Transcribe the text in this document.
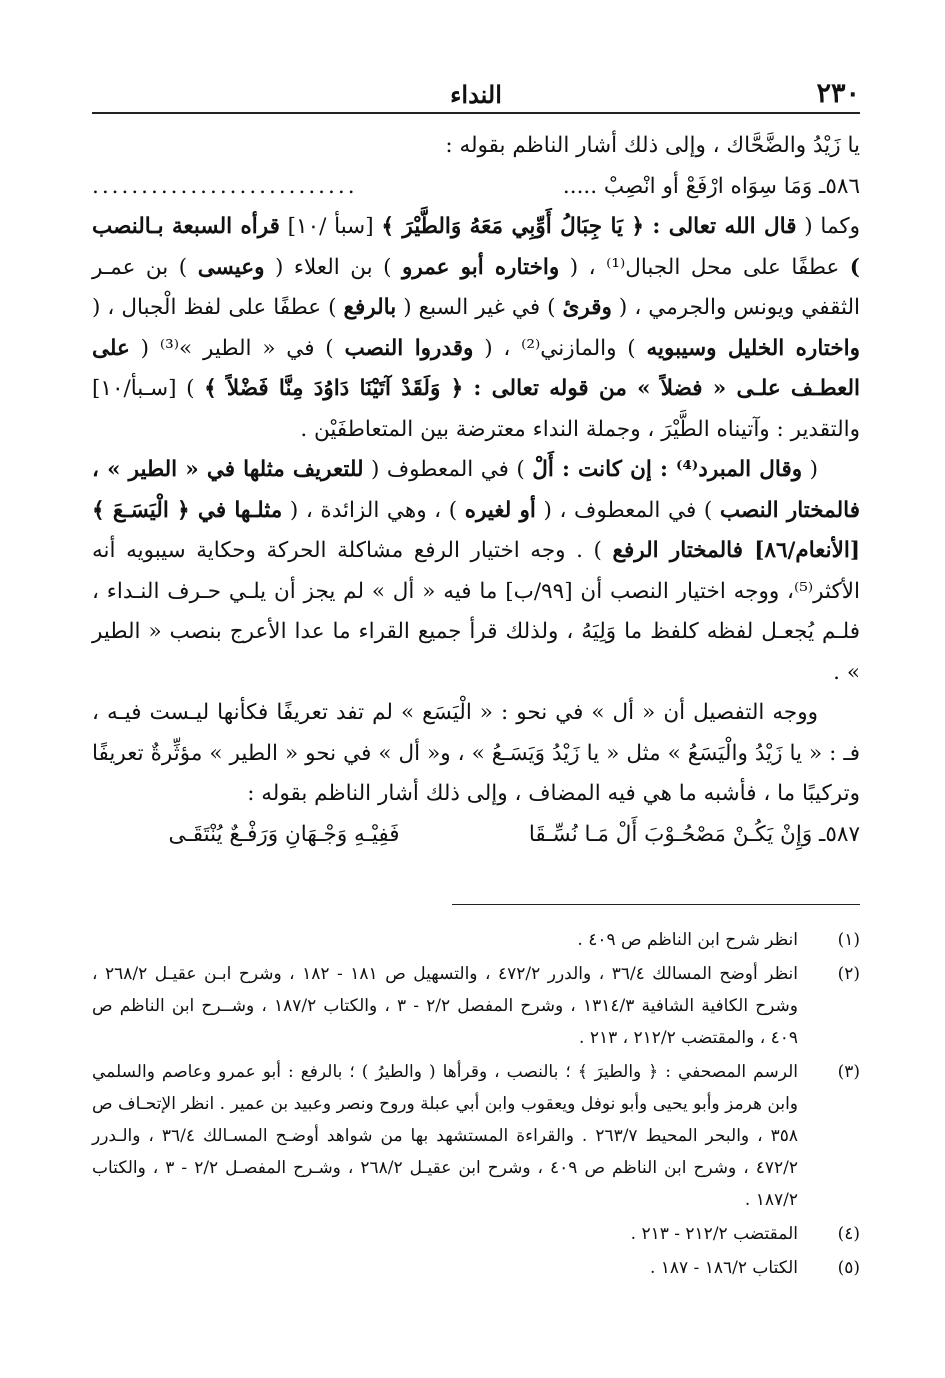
٢٣٠
النداء

يا زَيْدُ والضَّحَّاك ، وإلى ذلك أشار الناظم بقوله :

٥٨٦ـ وَمَا سِوَاه ارْفَعْ أو انْصِبْ .....
...........................

وكما ( قال الله تعالى : ﴿ يَا جِبَالُ أَوِّبِي مَعَهُ وَالطَّيْرَ ﴾ [سبأ /١٠] قرأه السبعة بـالنصب ) عطفًا على محل الجبال⁽¹⁾ ، ( واختاره أبو عمرو ) بن العلاء ( وعيسى ) بن عمـر الثقفي ويونس والجرمي ، ( وقرئ ) في غير السبع ( بالرفع ) عطفًا على لفظ الْجبال ، ( واختاره الخليل وسيبويه ) والمازني⁽²⁾ ، ( وقدروا النصب ) في « الطير »⁽³⁾ ( على العطـف علـى « فضلاً » من قوله تعالى : ﴿ وَلَقَدْ آتَيْنَا دَاوُدَ مِنَّا فَضْلاً ﴾ ) [سـبأ/١٠] والتقدير : وآتيناه الطَّيْرَ ، وجملة النداء معترضة بين المتعاطفَيْن .

( وقال المبرد⁽⁴⁾ : إن كانت : أَلْ ) في المعطوف ( للتعريف مثلها في « الطير » ، فالمختار النصب ) في المعطوف ، ( أو لغيره ) ، وهي الزائدة ، ( مثلـها في ﴿ الْيَسَـعَ ﴾ [الأنعام/٨٦] فالمختار الرفع ) . وجه اختيار الرفع مشاكلة الحركة وحكاية سيبويه أنه الأكثر⁽⁵⁾، ووجه اختيار النصب أن [٩٩/ب] ما فيه « أل » لم يجز أن يلـي حـرف النـداء ، فلـم يُجعـل لفظه كلفظ ما وَلِيَهُ ، ولذلك قرأ جميع القراء ما عدا الأعرج بنصب « الطير » .

ووجه التفصيل أن « أل » في نحو : « الْيَسَع » لم تفد تعريفًا فكأنها ليـست فيـه ، فـ : « يا زَيْدُ والْيَسَعُ » مثل « يا زَيْدُ وَيَسَـعُ » ، و« أل » في نحو « الطير » مؤثِّرةٌ تعريفًا وتركيبًا ما ، فأشبه ما هي فيه المضاف ، وإلى ذلك أشار الناظم بقوله :

٥٨٧ـ وَإِنْ يَكُـنْ مَصْحُـوْبَ أَلْ مَـا نُسِّـقَا
فَفِيْـهِ وَجْـهَانِ وَرَفْـعٌ يُنْتَقَـى
(١)
انظر شرح ابن الناظم ص ٤٠٩ .
(٢)
انظر أوضح المسالك ٣٦/٤ ، والدرر ٤٧٢/٢ ، والتسهيل ص ١٨١ - ١٨٢ ، وشرح ابـن عقيـل ٢٦٨/٢ ، وشرح الكافية الشافية ١٣١٤/٣ ، وشرح المفصل ٢/٢ - ٣ ، والكتاب ١٨٧/٢ ، وشــرح ابن الناظم ص ٤٠٩ ، والمقتضب ٢١٢/٢ ، ٢١٣ .
(٣)
الرسم المصحفي : ﴿ والطيرَ ﴾ ؛ بالنصب ، وقرأها ( والطيرُ ) ؛ بالرفع : أبو عمرو وعاصم والسلمي وابن هرمز وأبو يحيى وأبو نوفل ويعقوب وابن أبي عبلة وروح ونصر وعبيد بن عمير . انظر الإتحـاف ص ٣٥٨ ، والبحر المحيط ٢٦٣/٧ . والقراءة المستشهد بها من شواهد أوضـح المسـالك ٣٦/٤ ، والـدرر ٤٧٢/٢ ، وشرح ابن الناظم ص ٤٠٩ ، وشرح ابن عقيـل ٢٦٨/٢ ، وشـرح المفصـل ٢/٢ - ٣ ، والكتاب ١٨٧/٢ .
(٤)
المقتضب ٢١٢/٢ - ٢١٣ .
(٥)
الكتاب ١٨٦/٢ - ١٨٧ .
